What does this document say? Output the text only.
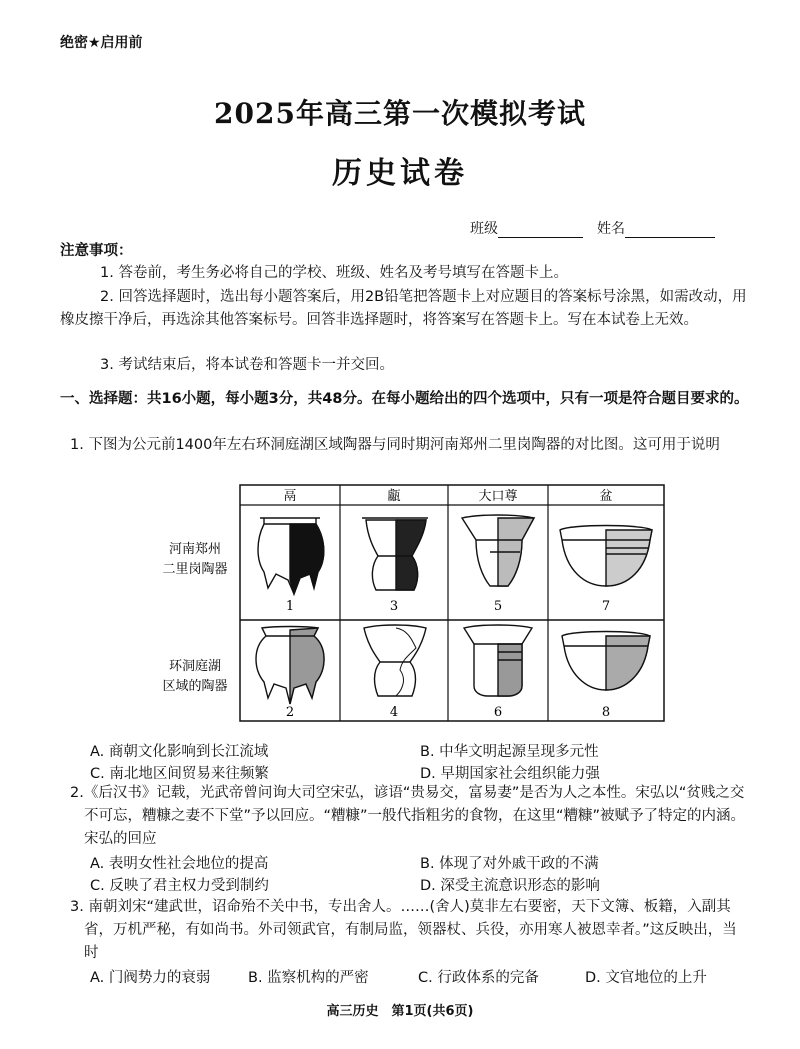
绝密★启用前
2025年高三第一次模拟考试
历史试卷
班级	姓名
注意事项：
1. 答卷前，考生务必将自己的学校、班级、姓名及考号填写在答题卡上。
2. 回答选择题时，选出每小题答案后，用2B铅笔把答题卡上对应题目的答案标号涂黑，如需改动，用橡皮擦干净后，再选涂其他答案标号。回答非选择题时，将答案写在答题卡上。写在本试卷上无效。
3. 考试结束后，将本试卷和答题卡一并交回。
一、选择题：共16小题，每小题3分，共48分。在每小题给出的四个选项中，只有一项是符合题目要求的。
1. 下图为公元前1400年左右环洞庭湖区域陶器与同时期河南郑州二里岗陶器的对比图。这可用于说明
河南郑州
二里岗陶器
环洞庭湖
区域的陶器
鬲	甗	大口尊	盆
1	3	5	7
2	4	6	8
A. 商朝文化影响到长江流域	B. 中华文明起源呈现多元性
C. 南北地区间贸易来往频繁	D. 早期国家社会组织能力强
2.《后汉书》记载，光武帝曾问询大司空宋弘，谚语“贵易交，富易妻”是否为人之本性。宋弘以“贫贱之交不可忘，糟糠之妻不下堂”予以回应。“糟糠”一般代指粗劣的食物，在这里“糟糠”被赋予了特定的内涵。宋弘的回应
A. 表明女性社会地位的提高	B. 体现了对外戚干政的不满
C. 反映了君主权力受到制约	D. 深受主流意识形态的影响
3. 南朝刘宋“建武世，诏命殆不关中书，专出舍人。……(舍人)莫非左右要密，天下文簿、板籍，入副其省，万机严秘，有如尚书。外司领武官，有制局监，领器杖、兵役，亦用寒人被恩幸者。”这反映出，当时
A. 门阀势力的衰弱	B. 监察机构的严密	C. 行政体系的完备	D. 文官地位的上升
高三历史　第1页(共6页)
